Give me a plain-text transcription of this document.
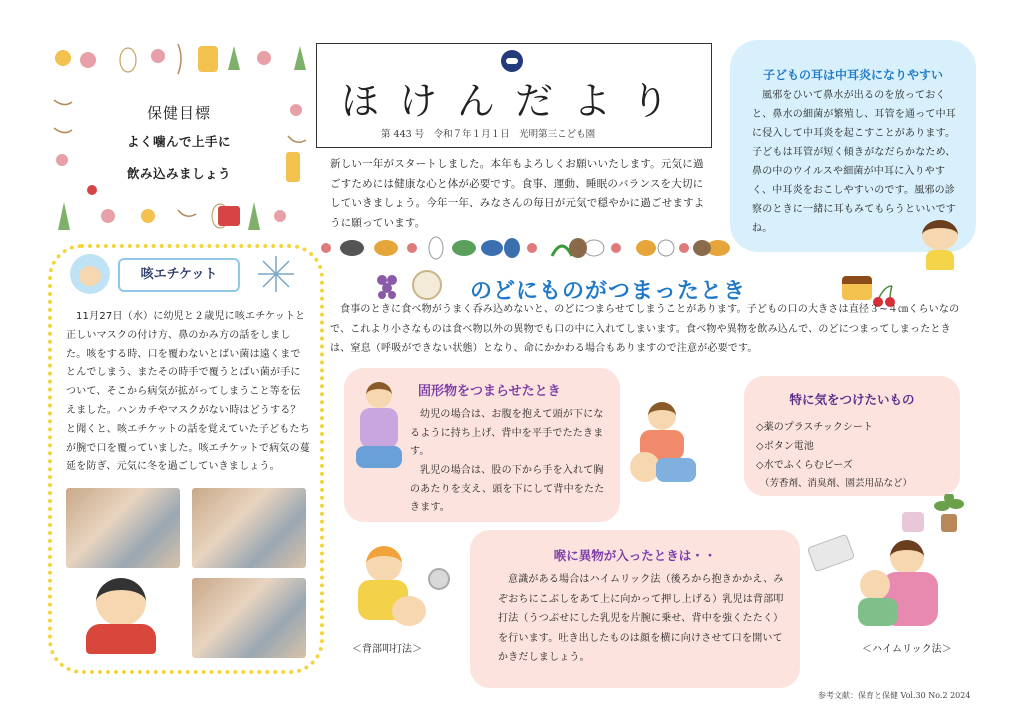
保健目標
よく噛んで上手に
飲み込みましょう
ほけんだより
第 443 号　令和７年１月１日　光明第三こども園
新しい一年がスタートしました。本年もよろしくお願いいたします。元気に過ごすためには健康な心と体が必要です。食事、運動、睡眠のバランスを大切にしていきましょう。今年一年、みなさんの毎日が元気で穏やかに過ごせますように願っています。
子どもの耳は中耳炎になりやすい
風邪をひいて鼻水が出るのを放っておくと、鼻水の細菌が繁殖し、耳管を通って中耳に侵入して中耳炎を起こすことがあります。子どもは耳管が短く傾きがなだらかなため、鼻の中のウイルスや細菌が中耳に入りやすく、中耳炎をおこしやすいのです。風邪の診察のときに一緒に耳もみてもらうといいですね。
咳エチケット
11月27日（水）に幼児と２歳児に咳エチケットと正しいマスクの付け方、鼻のかみ方の話をしました。咳をする時、口を覆わないとばい菌は遠くまでとんでしまう、またその時手で覆うとばい菌が手について、そこから病気が拡がってしまうこと等を伝えました。ハンカチやマスクがない時はどうする？と聞くと、咳エチケットの話を覚えていた子どもたちが腕で口を覆っていました。咳エチケットで病気の蔓延を防ぎ、元気に冬を過ごしていきましょう。
のどにものがつまったとき
食事のときに食べ物がうまく呑み込めないと、のどにつまらせてしまうことがあります。子どもの口の大きさは直径３~４㎝くらいなので、これより小さなものは食べ物以外の異物でも口の中に入れてしまいます。食べ物や異物を飲み込んで、のどにつまってしまったときは、窒息（呼吸ができない状態）となり、命にかかわる場合もありますので注意が必要です。
固形物をつまらせたとき
幼児の場合は、お腹を抱えて頭が下になるように持ち上げ、背中を平手でたたきます。
乳児の場合は、股の下から手を入れて胸のあたりを支え、頭を下にして背中をたたきます。
特に気をつけたいもの
◇薬のプラスチックシート
◇ボタン電池
◇水でふくらむビーズ
（芳香剤、消臭剤、園芸用品など）
喉に異物が入ったときは・・
意識がある場合はハイムリック法（後ろから抱きかかえ、みぞおちにこぶしをあて上に向かって押し上げる）乳児は背部叩打法（うつぶせにした乳児を片腕に乗せ、背中を強くたたく）を行います。吐き出したものは顔を横に向けさせて口を開いてかきだしましょう。
＜背部叩打法＞	＜ハイムリック法＞
参考文献：保育と保健 Vol.30 No.2 2024
